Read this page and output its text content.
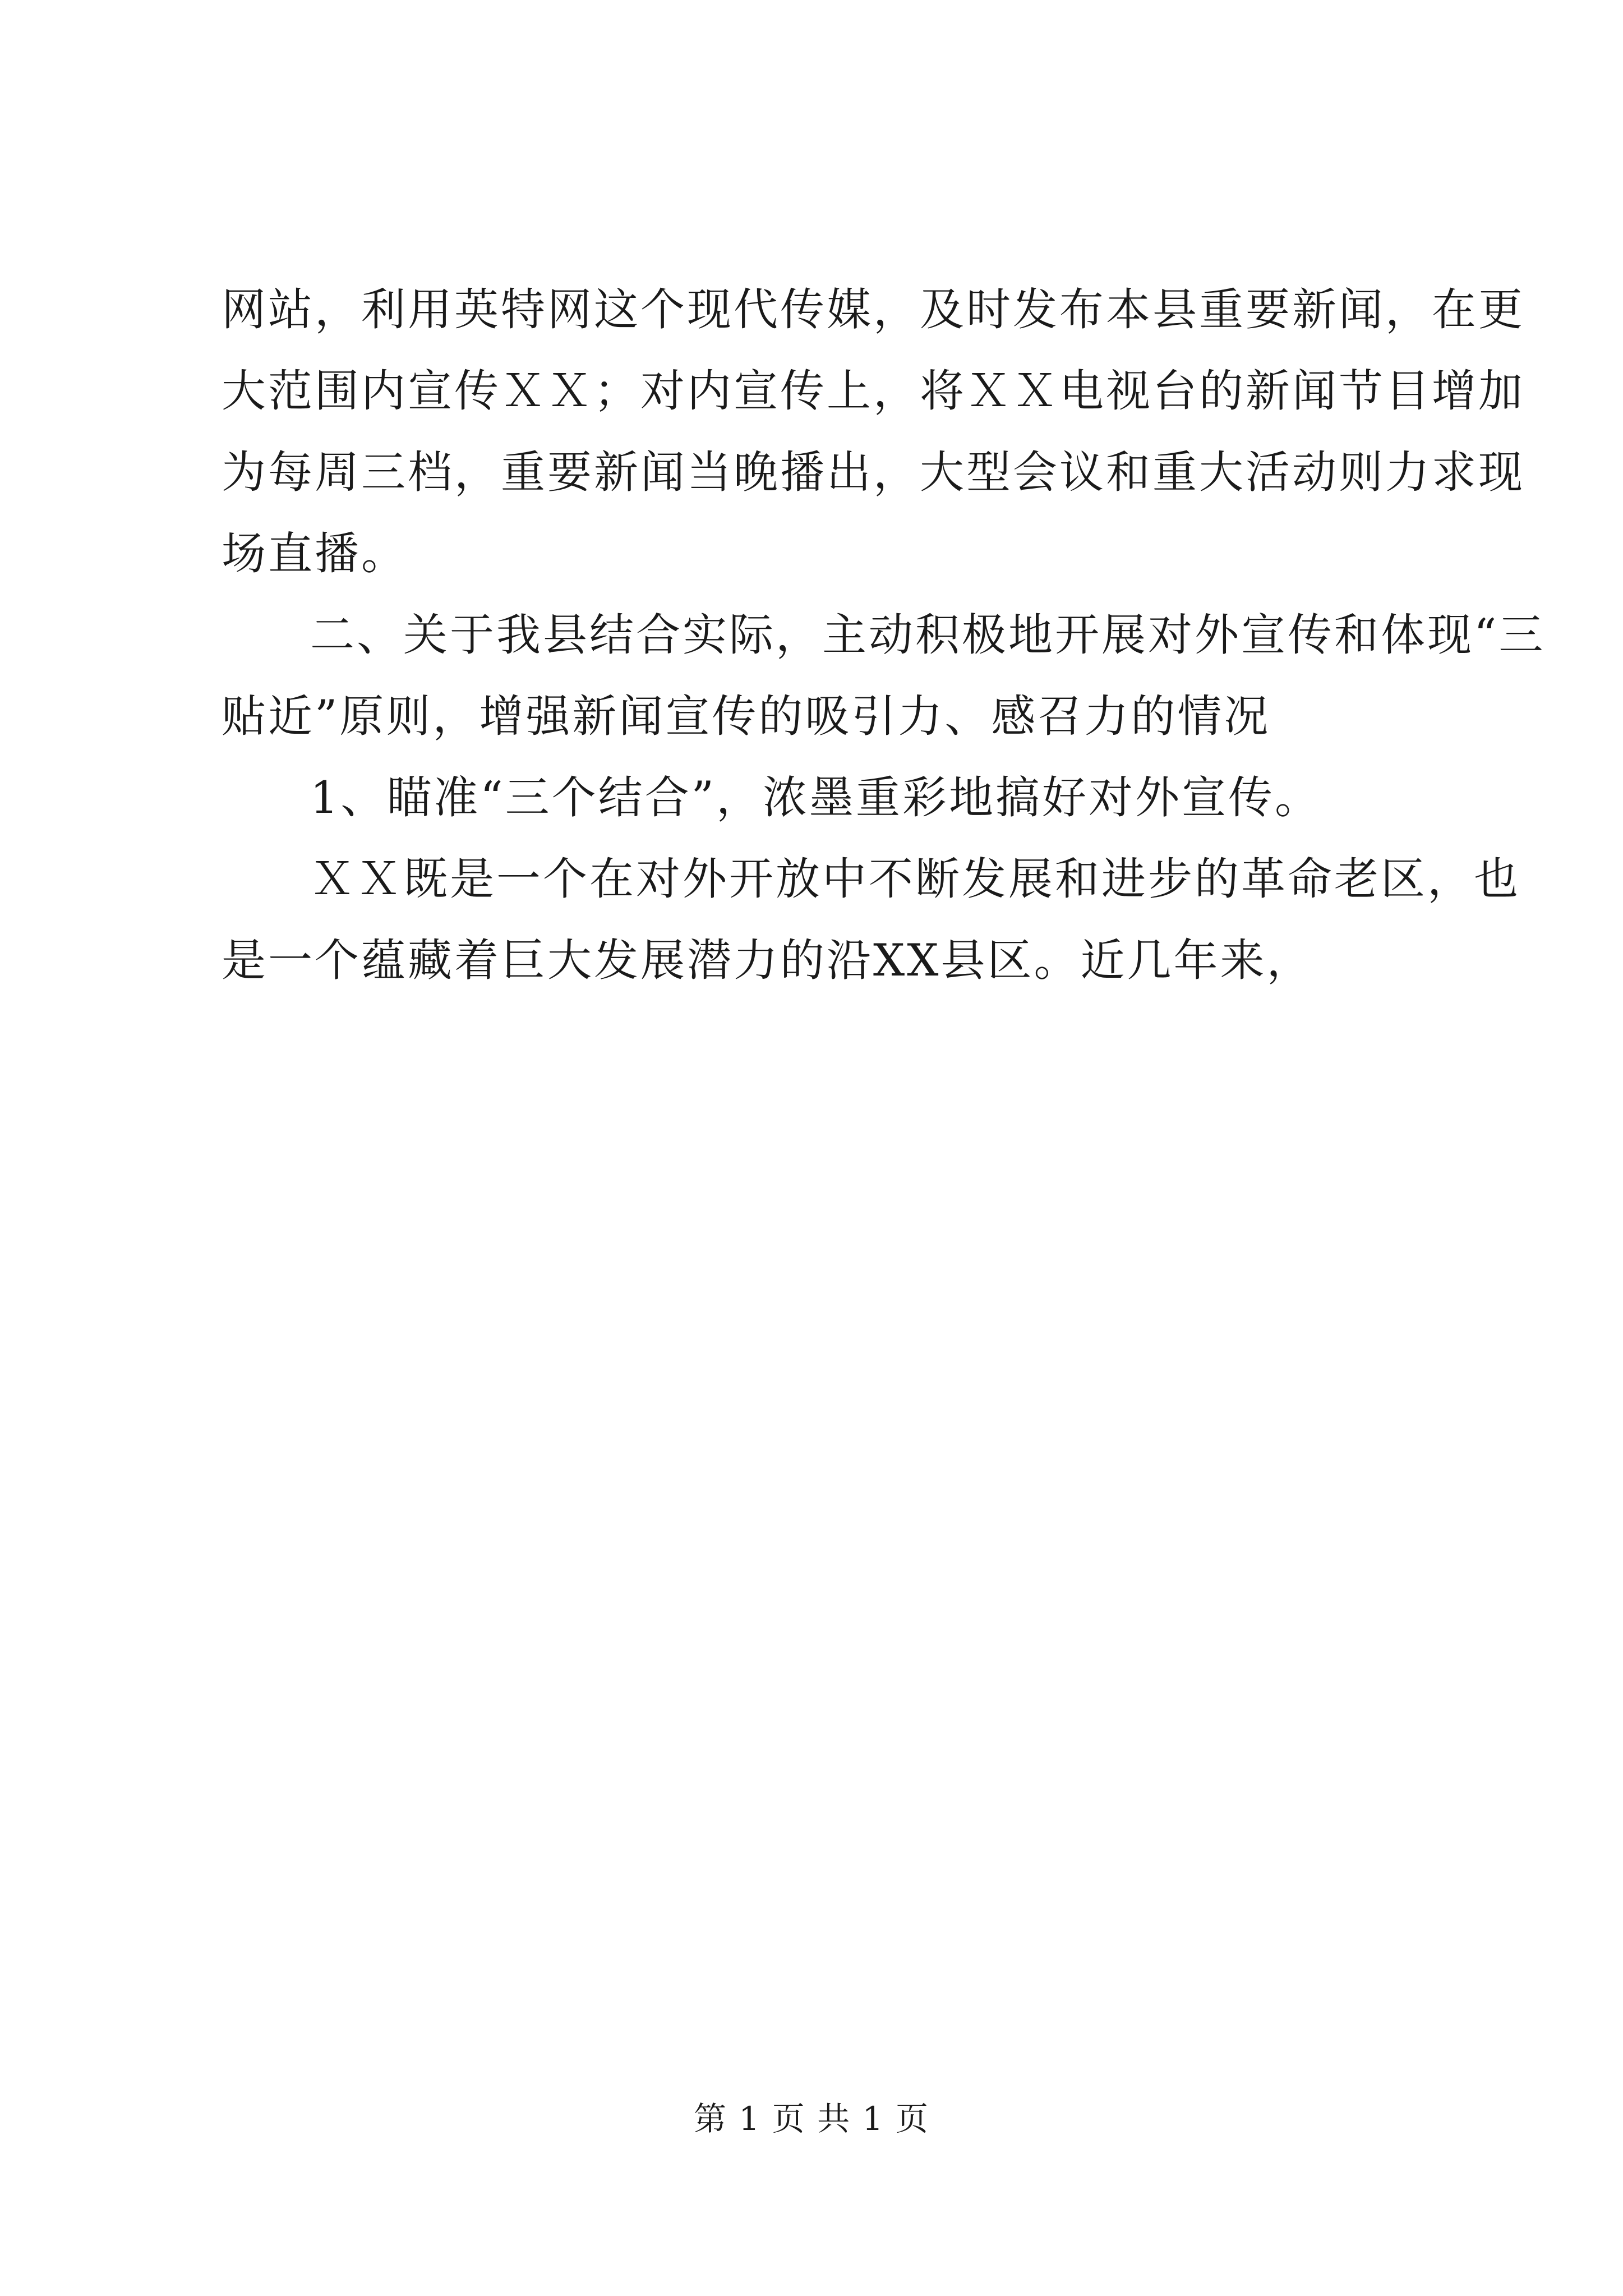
网站，利用英特网这个现代传媒，及时发布本县重要新闻，在更
大范围内宣传ＸＸ；对内宣传上，将ＸＸ电视台的新闻节目增加
为每周三档，重要新闻当晚播出，大型会议和重大活动则力求现
场直播。

二、关于我县结合实际，主动积极地开展对外宣传和体现“三
贴近”原则，增强新闻宣传的吸引力、感召力的情况

1、瞄准“三个结合”，浓墨重彩地搞好对外宣传。

ＸＸ既是一个在对外开放中不断发展和进步的革命老区，也
是一个蕴藏着巨大发展潜力的沿XX县区。近几年来，

第 1 页 共 1 页
